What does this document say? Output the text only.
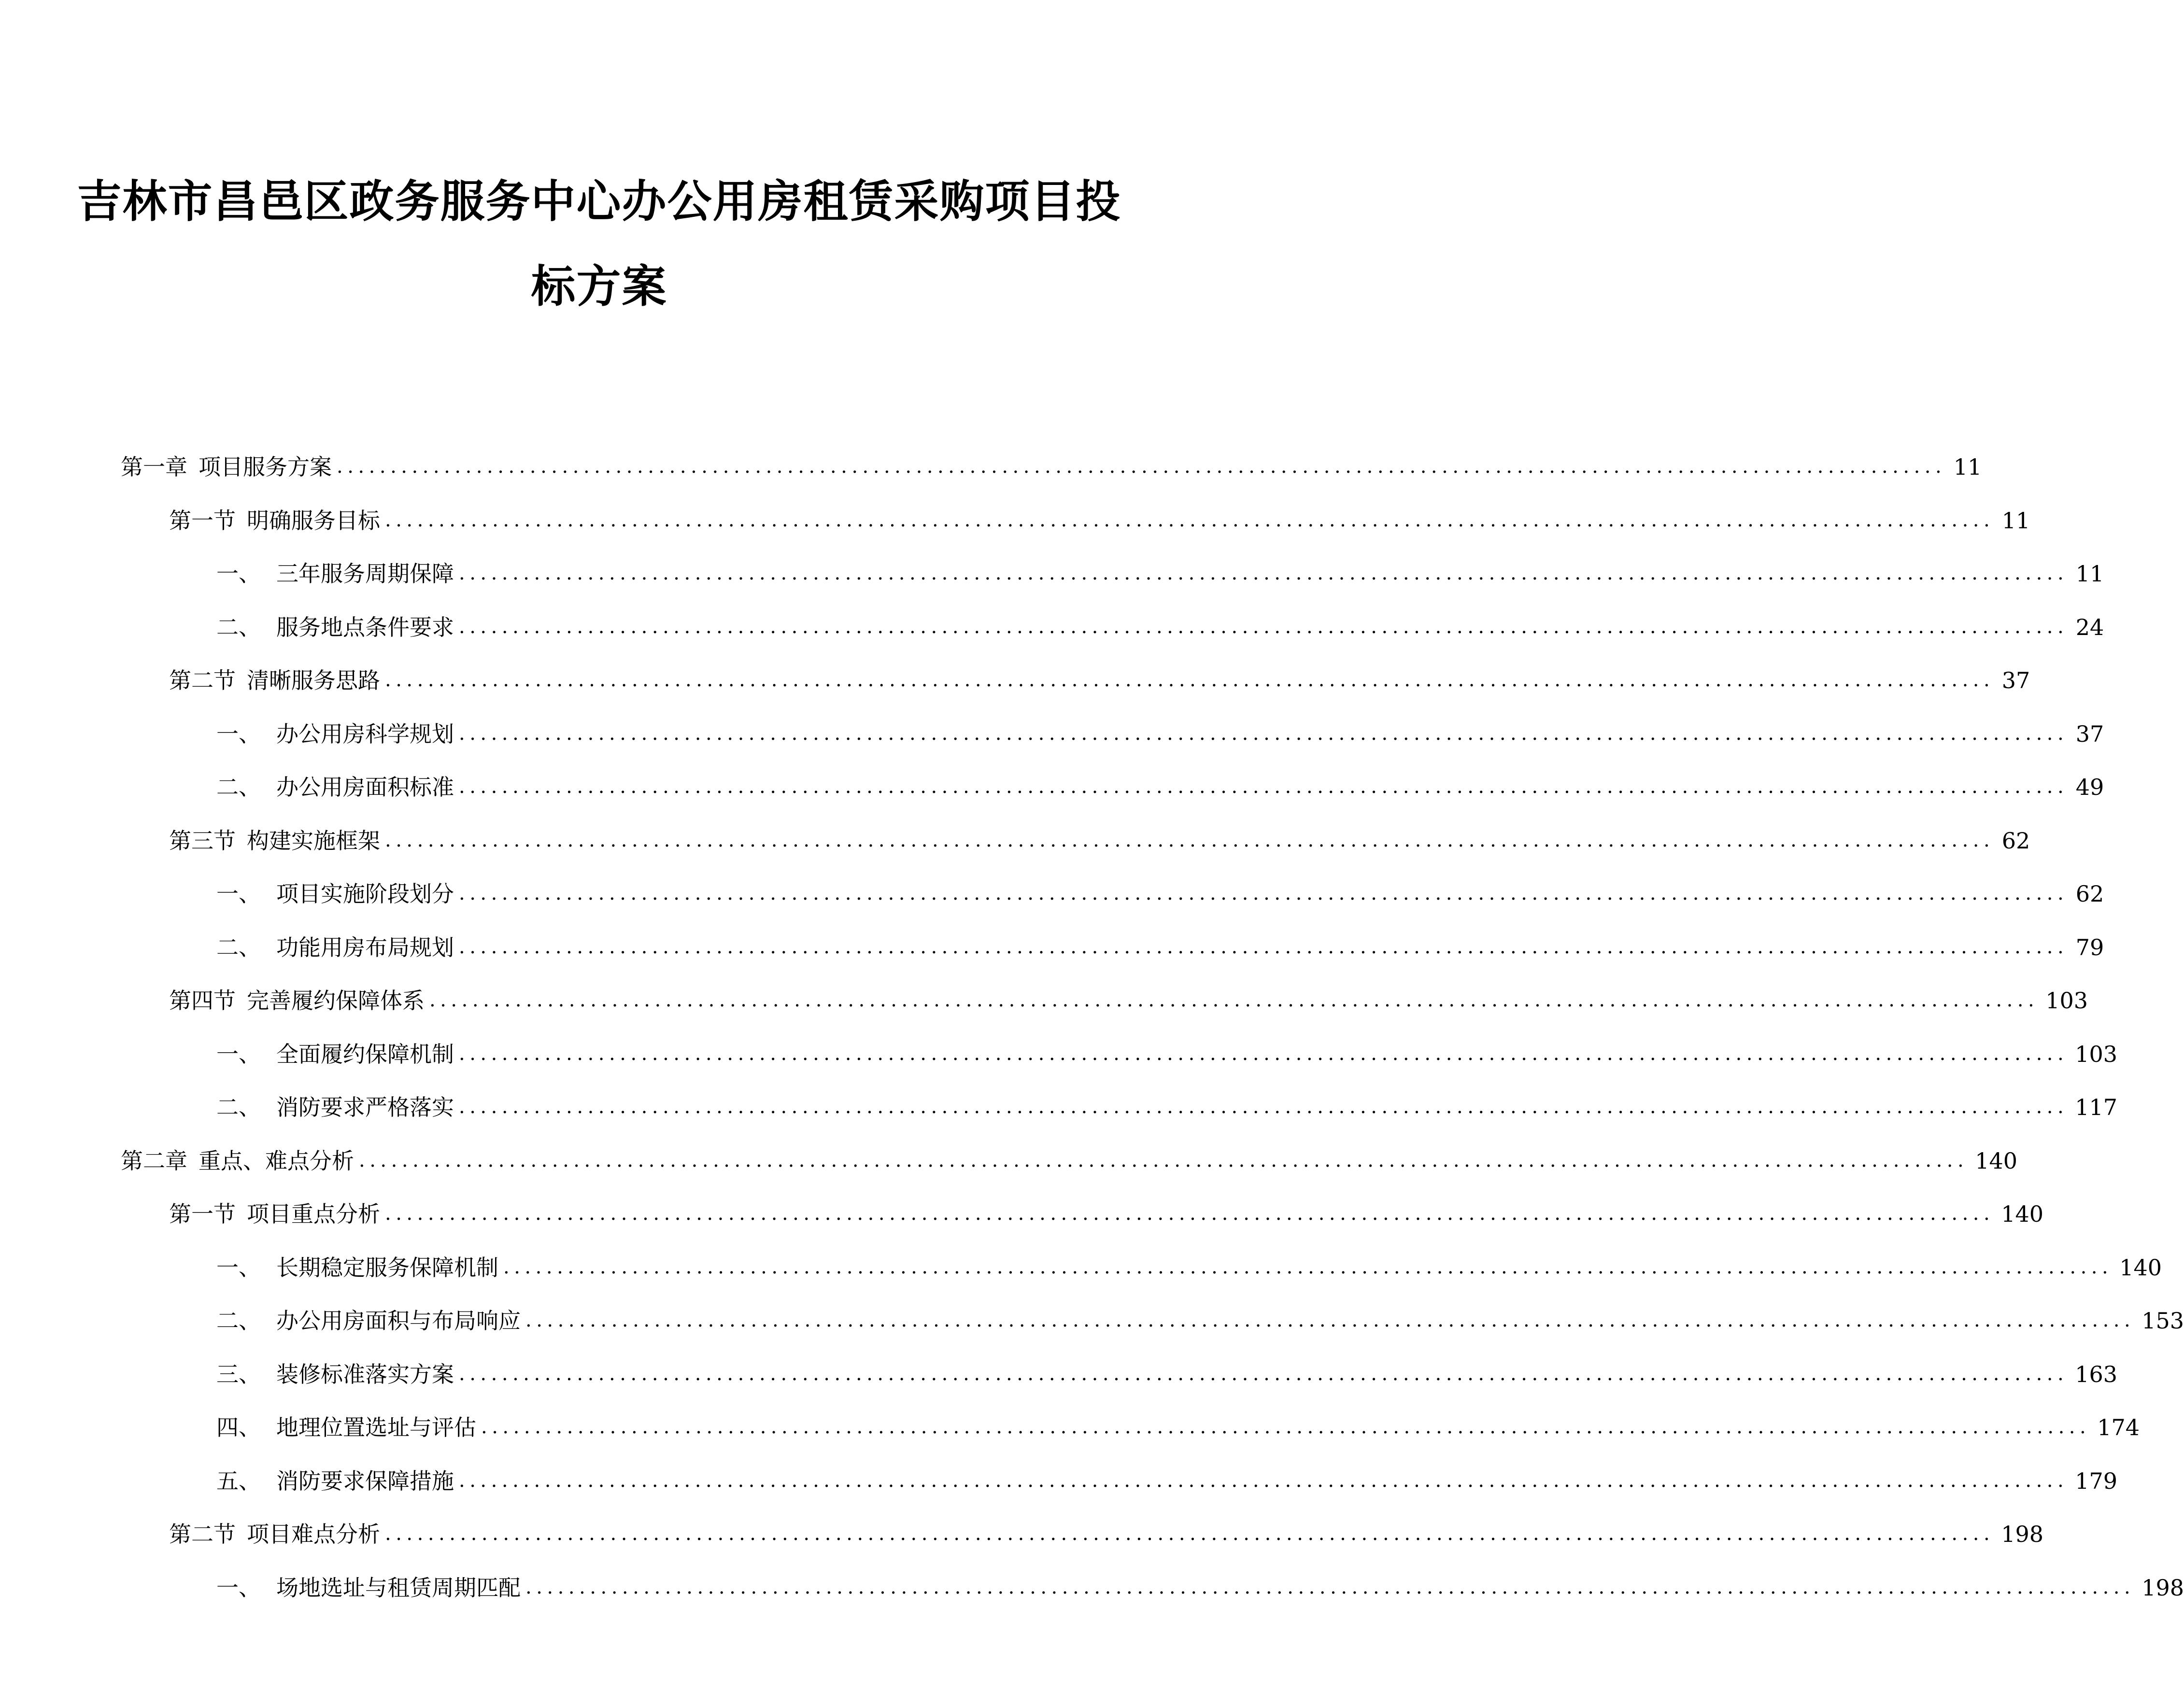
吉林市昌邑区政务服务中心办公用房租赁采购项目投
标方案
第一章  项目服务方案 ...................................................................................................................................................... 11
第一节  明确服务目标 ...................................................................................................................................................... 11
一、 三年服务周期保障 ...................................................................................................................................................... 11
二、 服务地点条件要求 ...................................................................................................................................................... 24
第二节  清晰服务思路 ...................................................................................................................................................... 37
一、 办公用房科学规划 ...................................................................................................................................................... 37
二、 办公用房面积标准 ...................................................................................................................................................... 49
第三节  构建实施框架 ...................................................................................................................................................... 62
一、 项目实施阶段划分 ...................................................................................................................................................... 62
二、 功能用房布局规划 ...................................................................................................................................................... 79
第四节  完善履约保障体系 ...................................................................................................................................................... 103
一、 全面履约保障机制 ...................................................................................................................................................... 103
二、 消防要求严格落实 ...................................................................................................................................................... 117
第二章  重点、难点分析 ...................................................................................................................................................... 140
第一节  项目重点分析 ...................................................................................................................................................... 140
一、 长期稳定服务保障机制 ...................................................................................................................................................... 140
二、 办公用房面积与布局响应 ...................................................................................................................................................... 153
三、 装修标准落实方案 ...................................................................................................................................................... 163
四、 地理位置选址与评估 ...................................................................................................................................................... 174
五、 消防要求保障措施 ...................................................................................................................................................... 179
第二节  项目难点分析 ...................................................................................................................................................... 198
一、 场地选址与租赁周期匹配 ...................................................................................................................................................... 198
